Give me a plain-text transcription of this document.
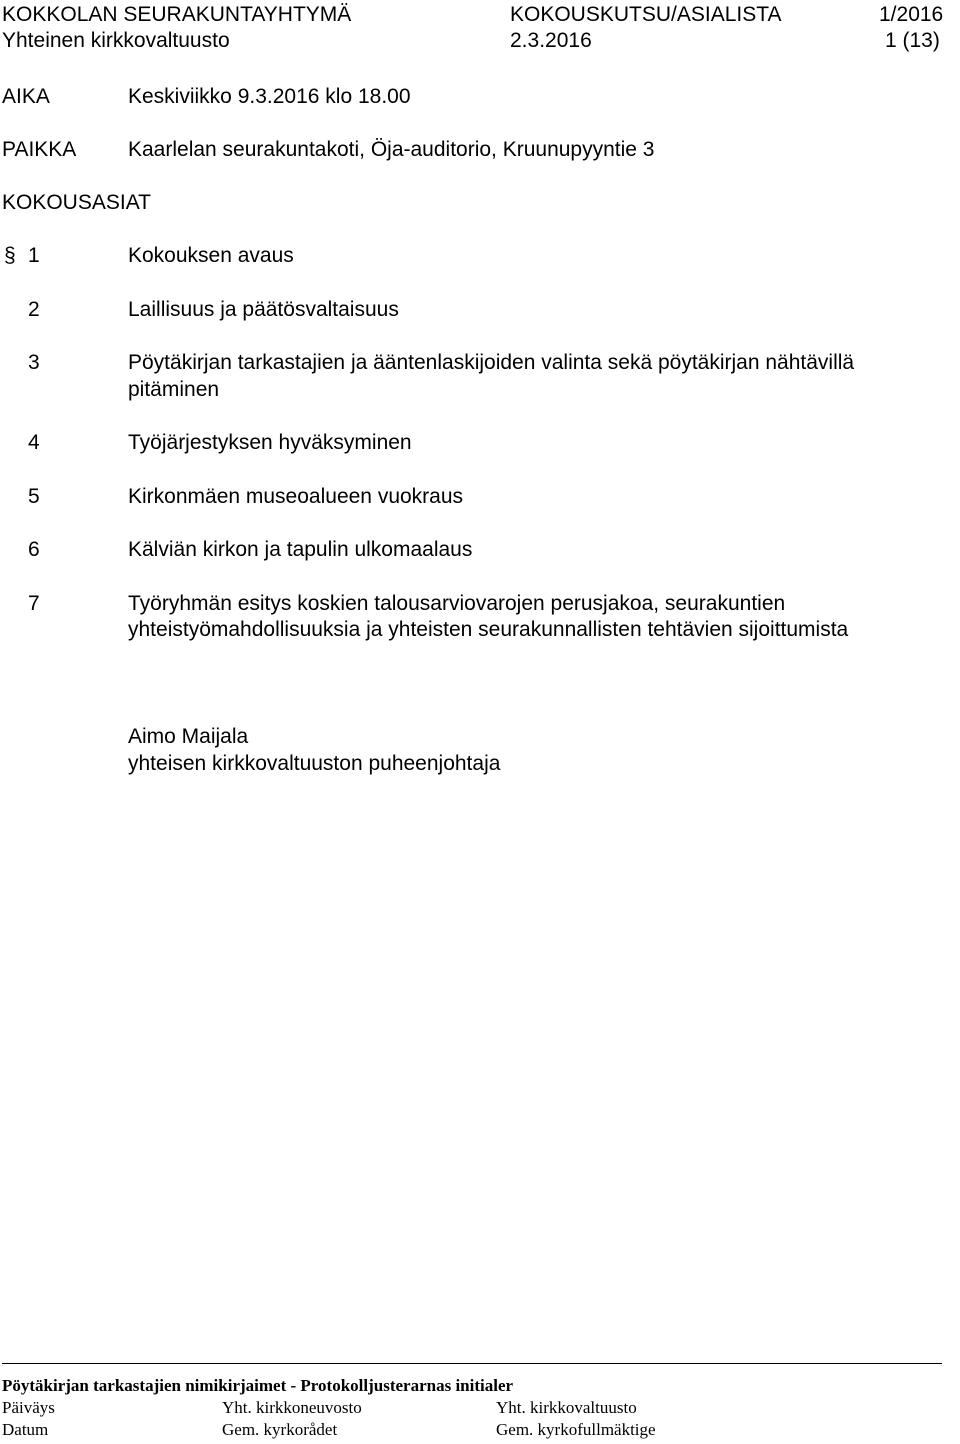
KOKKOLAN SEURAKUNTAYHTYMÄ	KOKOUSKUTSU/ASIALISTA	1/2016
Yhteinen kirkkovaltuusto	2.3.2016	1 (13)
AIKA	Keskiviikko 9.3.2016 klo 18.00
PAIKKA Kaarlelan seurakuntakoti, Öja-auditorio, Kruunupyyntie 3
KOKOUSASIAT
§ 1	Kokouksen avaus
2	Laillisuus ja päätösvaltaisuus
3	Pöytäkirjan tarkastajien ja ääntenlaskijoiden valinta sekä pöytäkirjan nähtävillä
pitäminen
4	Työjärjestyksen hyväksyminen
5	Kirkonmäen museoalueen vuokraus
6	Kälviän kirkon ja tapulin ulkomaalaus
7	Työryhmän esitys koskien talousarviovarojen perusjakoa, seurakuntien
yhteistyömahdollisuuksia ja yhteisten seurakunnallisten tehtävien sijoittumista
Aimo Maijala
yhteisen kirkkovaltuuston puheenjohtaja
Pöytäkirjan tarkastajien nimikirjaimet - Protokolljusterarnas initialer
Päiväys	Yht. kirkkoneuvosto	Yht. kirkkovaltuusto
Datum	Gem. kyrkorådet	Gem. kyrkofullmäktige
